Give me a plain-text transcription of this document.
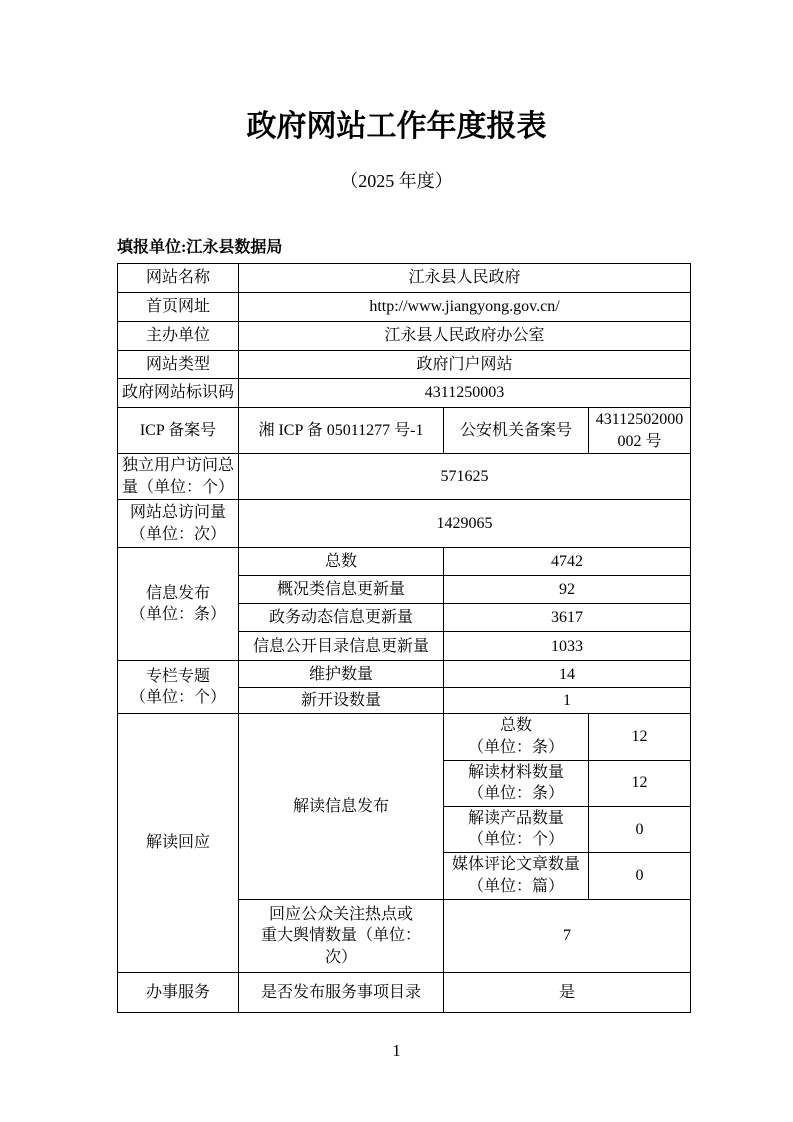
政府网站工作年度报表
（2025 年度）
填报单位:江永县数据局
网站名称	江永县人民政府		
首页网址	http://www.jiangyong.gov.cn/		
主办单位	江永县人民政府办公室		
网站类型	政府门户网站		
政府网站标识码	4311250003		
ICP 备案号	湘 ICP 备 05011277 号-1	公安机关备案号	43112502000
002 号
独立用户访问总
量（单位：个）	571625		
网站总访问量
（单位：次）	1429065		
信息发布
（单位：条）	总数	4742	
	概况类信息更新量	92	
	政务动态信息更新量	3617	
	信息公开目录信息更新量	1033	
专栏专题
（单位：个）	维护数量	14	
	新开设数量	1	
解读回应	解读信息发布	总数
（单位：条）	12
		解读材料数量
（单位：条）	12
		解读产品数量
（单位：个）	0
		媒体评论文章数量
（单位：篇）	0
	回应公众关注热点或
重大舆情数量（单位：
次）	7	
办事服务	是否发布服务事项目录	是	
1
